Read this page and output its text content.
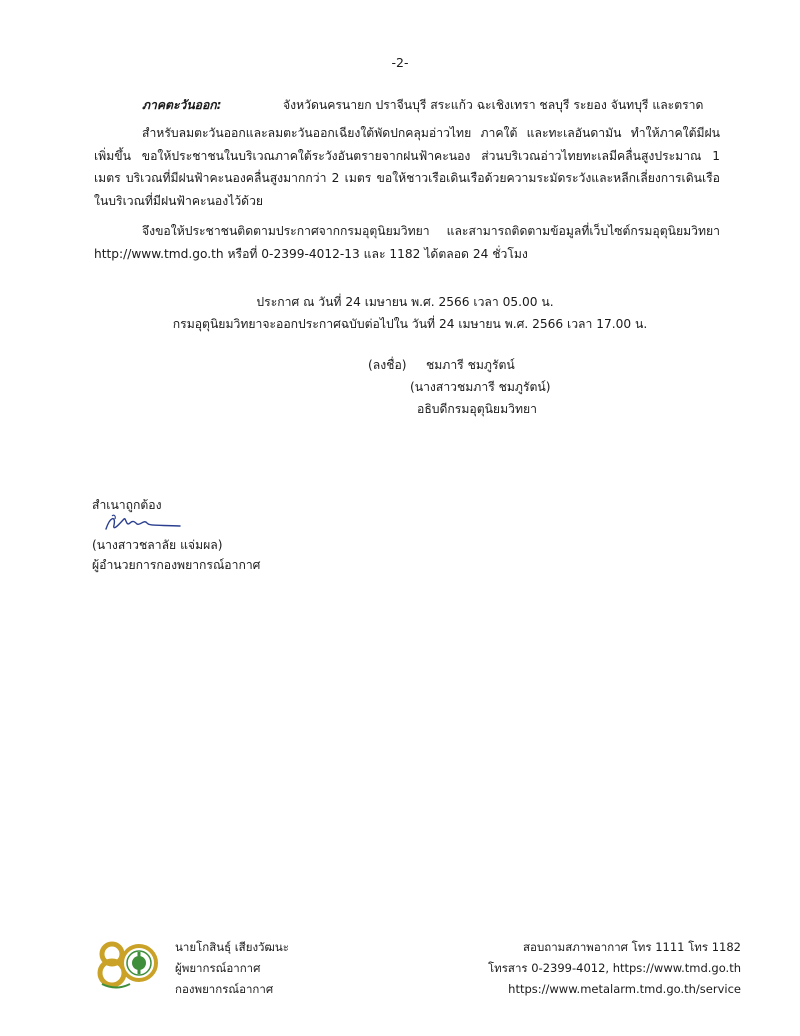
-2-
ภาคตะวันออก:	จังหวัดนครนายก ปราจีนบุรี สระแก้ว ฉะเชิงเทรา ชลบุรี ระยอง จันทบุรี และตราด
สำหรับลมตะวันออกและลมตะวันออกเฉียงใต้พัดปกคลุมอ่าวไทย ภาคใต้ และทะเลอันดามัน ทำให้ภาคใต้มีฝนเพิ่มขึ้น ขอให้ประชาชนในบริเวณภาคใต้ระวังอันตรายจากฝนฟ้าคะนอง ส่วนบริเวณอ่าวไทยทะเลมีคลื่นสูงประมาณ 1 เมตร บริเวณที่มีฝนฟ้าคะนองคลื่นสูงมากกว่า 2 เมตร ขอให้ชาวเรือเดินเรือด้วยความระมัดระวังและหลีกเลี่ยงการเดินเรือในบริเวณที่มีฝนฟ้าคะนองไว้ด้วย
จึงขอให้ประชาชนติดตามประกาศจากกรมอุตุนิยมวิทยา และสามารถติดตามข้อมูลที่เว็บไซต์กรมอุตุนิยมวิทยา http://www.tmd.go.th หรือที่ 0-2399-4012-13 และ 1182 ได้ตลอด 24 ชั่วโมง
ประกาศ ณ วันที่ 24 เมษายน พ.ศ. 2566 เวลา 05.00 น.
กรมอุตุนิยมวิทยาจะออกประกาศฉบับต่อไปใน วันที่ 24 เมษายน พ.ศ. 2566 เวลา 17.00 น.
(ลงชื่อ) ชมภารี ชมภูรัตน์
(นางสาวชมภารี ชมภูรัตน์)
อธิบดีกรมอุตุนิยมวิทยา
สำเนาถูกต้อง
(นางสาวชลาลัย แจ่มผล)
ผู้อำนวยการกองพยากรณ์อากาศ
นายโกสินธุ์ เสียงวัฒนะ
ผู้พยากรณ์อากาศ
กองพยากรณ์อากาศ
สอบถามสภาพอากาศ โทร 1111 โทร 1182
โทรสาร 0-2399-4012, https://www.tmd.go.th
https://www.metalarm.tmd.go.th/service
